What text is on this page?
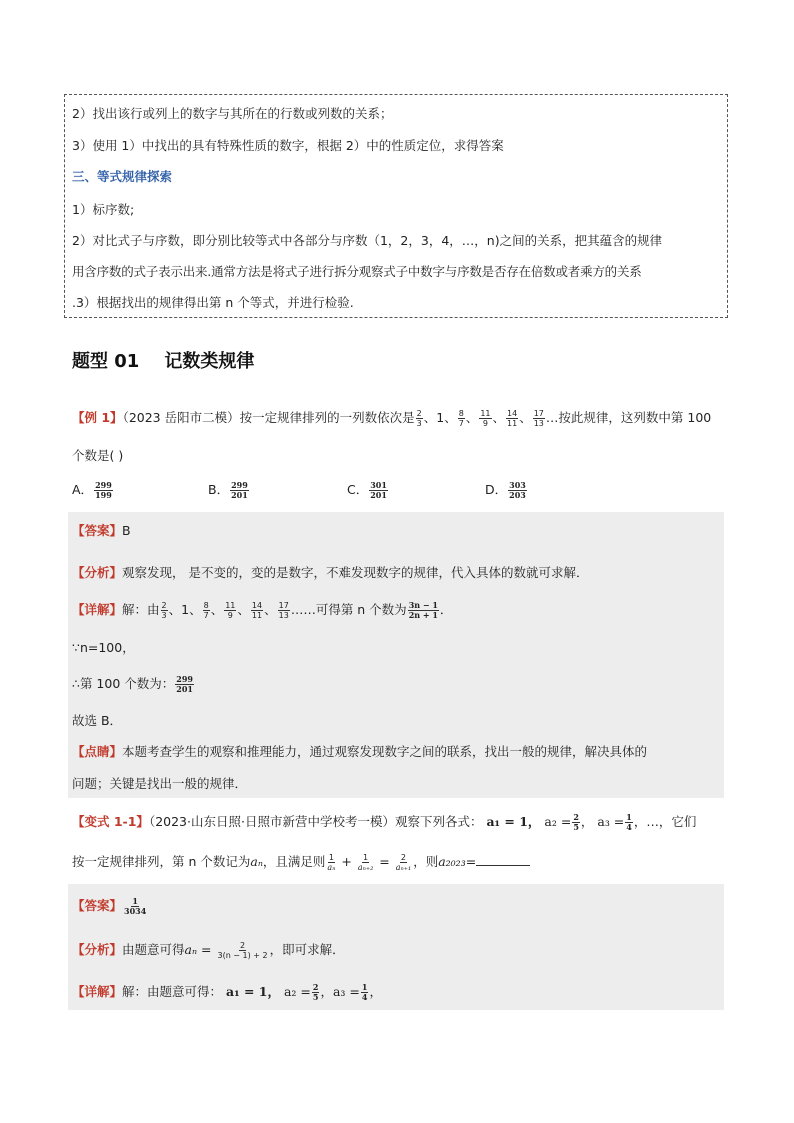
2）找出该行或列上的数字与其所在的行数或列数的关系；
3）使用 1）中找出的具有特殊性质的数字，根据 2）中的性质定位，求得答案
三、等式规律探索
1）标序数;
2）对比式子与序数，即分别比较等式中各部分与序数（1，2，3，4，…，n)之间的关系，把其蕴含的规律
用含序数的式子表示出来.通常方法是将式子进行拆分观察式子中数字与序数是否存在倍数或者乘方的关系
.3）根据找出的规律得出第 n 个等式，并进行检验.
题型 01 记数类规律
【例 1】（2023 岳阳市二模）按一定规律排列的一列数依次是 $\frac{2}{3}$ 、1、 $\frac{8}{7}$ 、 $\frac{11}{9}$ 、 $\frac{14}{11}$ 、 $\frac{17}{13}$ …按此规律，这列数中第 100
个数是( )
A． $\frac{299}{199}$	B． $\frac{299}{201}$	C． $\frac{301}{201}$	D． $\frac{303}{203}$
【答案】B
【分析】观察发现， 是不变的，变的是数字，不难发现数字的规律，代入具体的数就可求解．
【详解】解：由 $\frac{2}{3}$ 、1、 $\frac{8}{7}$ 、 $\frac{11}{9}$ 、 $\frac{14}{11}$ 、 $\frac{17}{13}$ ……可得第 n 个数为 $\frac{3n - 1}{2n + 1}$ ．
∵n=100，
∴第 100 个数为： $\frac{299}{201}$
故选 B．
【点睛】本题考查学生的观察和推理能力，通过观察发现数字之间的联系，找出一般的规律，解决具体的
问题；关键是找出一般的规律．
【变式 1-1】（2023·山东日照·日照市新营中学校考一模）观察下列各式： a₁ = 1， $a_2 = \frac{2}{5}$ ， $a_3 = \frac{1}{4}$ ，…，它们
按一定规律排列，第 n 个数记为aₙ，且满足则 $\frac{1}{\text{aₙ}} + \frac{1}{\text{aₙ₊₂}} = \frac{2}{\text{aₙ₊₁}}$ ，则a₂₀₂₃=
【答案】 $\frac{1}{3034}$
【分析】由题意可得$a_n = \frac{2}{3(n - 1) + 2}$ ，即可求解．
【详解】解：由题意可得： a₁ = 1， $a_2 = \frac{2}{5}$ ，$a_3 = \frac{1}{4}$ ，
